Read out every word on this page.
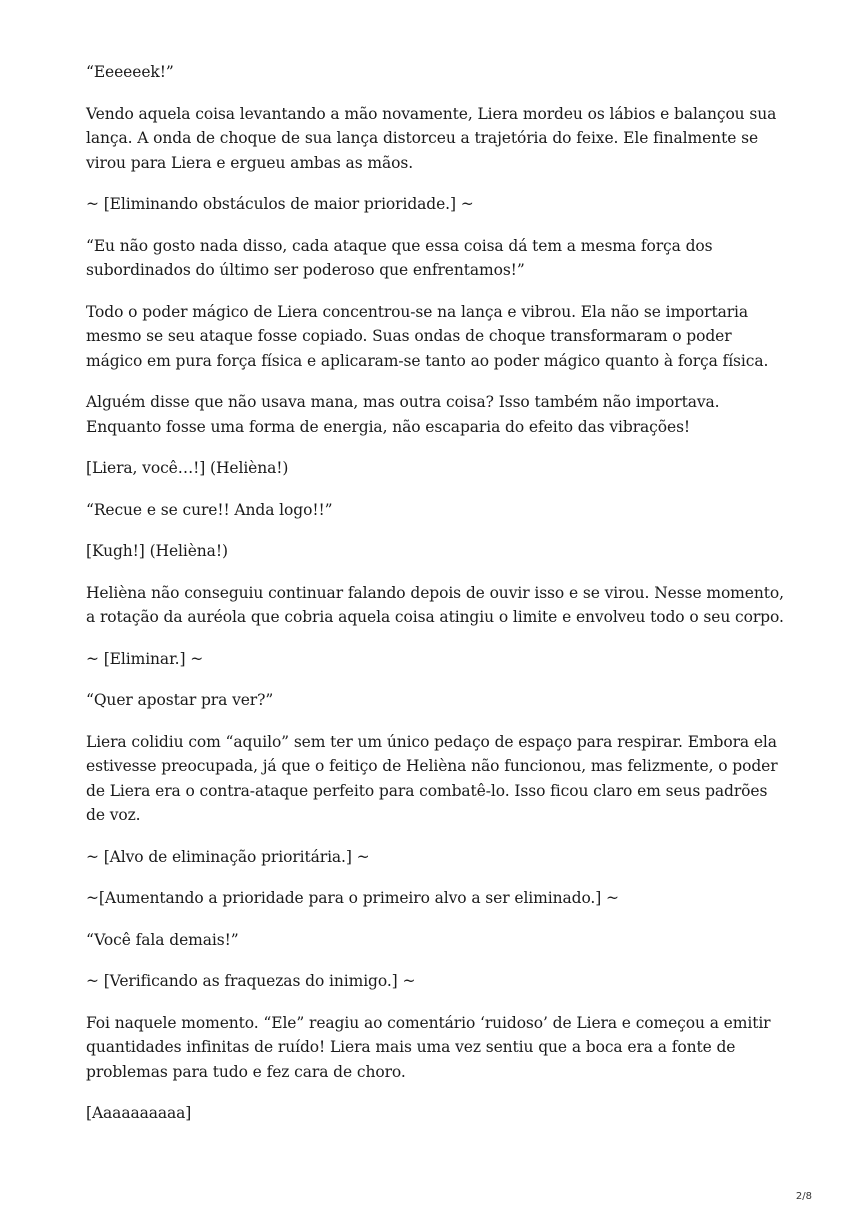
“Eeeeeek!”

Vendo aquela coisa levantando a mão novamente, Liera mordeu os lábios e balançou sua lança. A onda de choque de sua lança distorceu a trajetória do feixe. Ele finalmente se virou para Liera e ergueu ambas as mãos.

~ [Eliminando obstáculos de maior prioridade.] ~

“Eu não gosto nada disso, cada ataque que essa coisa dá tem a mesma força dos subordinados do último ser poderoso que enfrentamos!”

Todo o poder mágico de Liera concentrou-se na lança e vibrou. Ela não se importaria mesmo se seu ataque fosse copiado. Suas ondas de choque transformaram o poder mágico em pura força física e aplicaram-se tanto ao poder mágico quanto à força física.

Alguém disse que não usava mana, mas outra coisa? Isso também não importava. Enquanto fosse uma forma de energia, não escaparia do efeito das vibrações!

[Liera, você…!] (Helièna!)

“Recue e se cure!! Anda logo!!”

[Kugh!] (Helièna!)

Helièna não conseguiu continuar falando depois de ouvir isso e se virou. Nesse momento, a rotação da auréola que cobria aquela coisa atingiu o limite e envolveu todo o seu corpo.

~ [Eliminar.] ~

“Quer apostar pra ver?”

Liera colidiu com “aquilo” sem ter um único pedaço de espaço para respirar. Embora ela estivesse preocupada, já que o feitiço de Helièna não funcionou, mas felizmente, o poder de Liera era o contra-ataque perfeito para combatê-lo. Isso ficou claro em seus padrões de voz.

~ [Alvo de eliminação prioritária.] ~

~[Aumentando a prioridade para o primeiro alvo a ser eliminado.] ~

“Você fala demais!”

~ [Verificando as fraquezas do inimigo.] ~

Foi naquele momento. “Ele” reagiu ao comentário ‘ruidoso’ de Liera e começou a emitir quantidades infinitas de ruído! Liera mais uma vez sentiu que a boca era a fonte de problemas para tudo e fez cara de choro.

[Aaaaaaaaaa]

2/8
